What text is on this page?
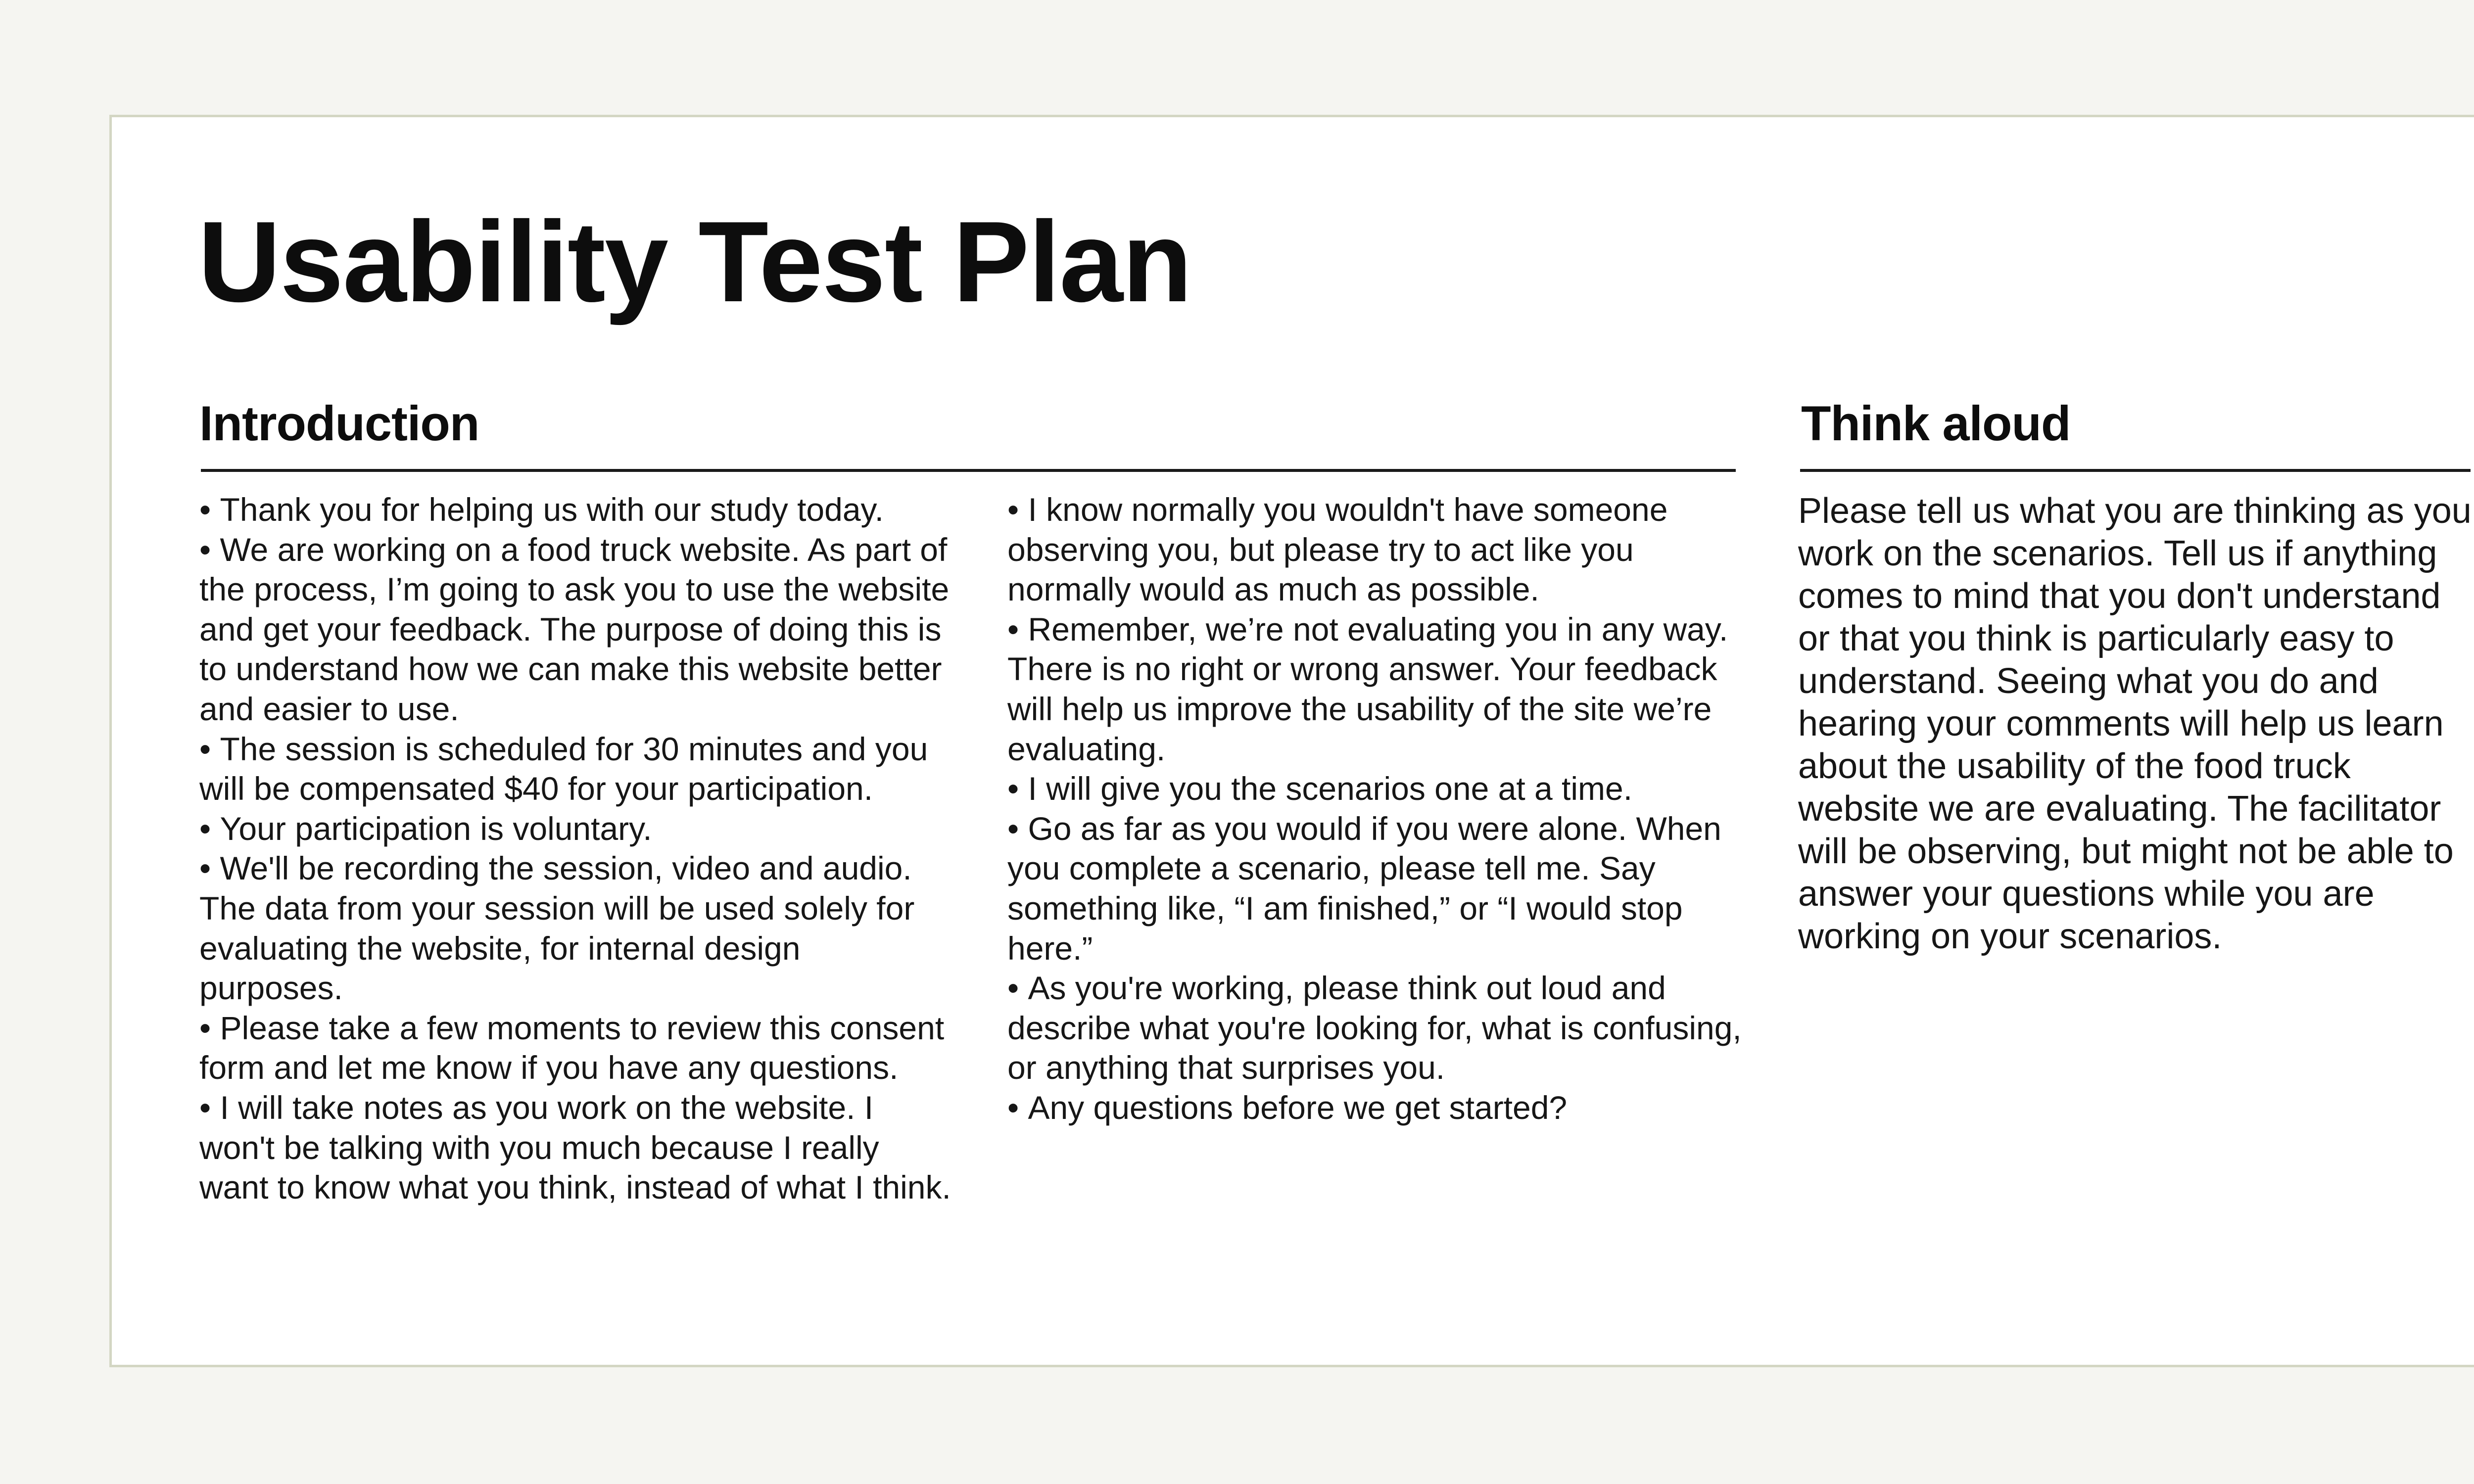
Usability Test Plan
Introduction	Think aloud
• Thank you for helping us with our study today.
• We are working on a food truck website. As part of the process, I’m going to ask you to use the website and get your feedback. The purpose of doing this is to understand how we can make this website better and easier to use.
• The session is scheduled for 30 minutes and you will be compensated $40 for your participation.
• Your participation is voluntary.
• We'll be recording the session, video and audio. The data from your session will be used solely for evaluating the website, for internal design purposes.
• Please take a few moments to review this consent form and let me know if you have any questions.
• I will take notes as you work on the website. I won't be talking with you much because I really want to know what you think, instead of what I think.
• I know normally you wouldn't have someone observing you, but please try to act like you normally would as much as possible.
• Remember, we’re not evaluating you in any way. There is no right or wrong answer. Your feedback will help us improve the usability of the site we’re evaluating.
• I will give you the scenarios one at a time.
• Go as far as you would if you were alone. When you complete a scenario, please tell me. Say something like, “I am finished,” or “I would stop here.”
• As you're working, please think out loud and describe what you're looking for, what is confusing, or anything that surprises you.
• Any questions before we get started?

Please tell us what you are thinking as you work on the scenarios. Tell us if anything comes to mind that you don't understand or that you think is particularly easy to understand. Seeing what you do and hearing your comments will help us learn about the usability of the food truck website we are evaluating. The facilitator will be observing, but might not be able to answer your questions while you are working on your scenarios.
